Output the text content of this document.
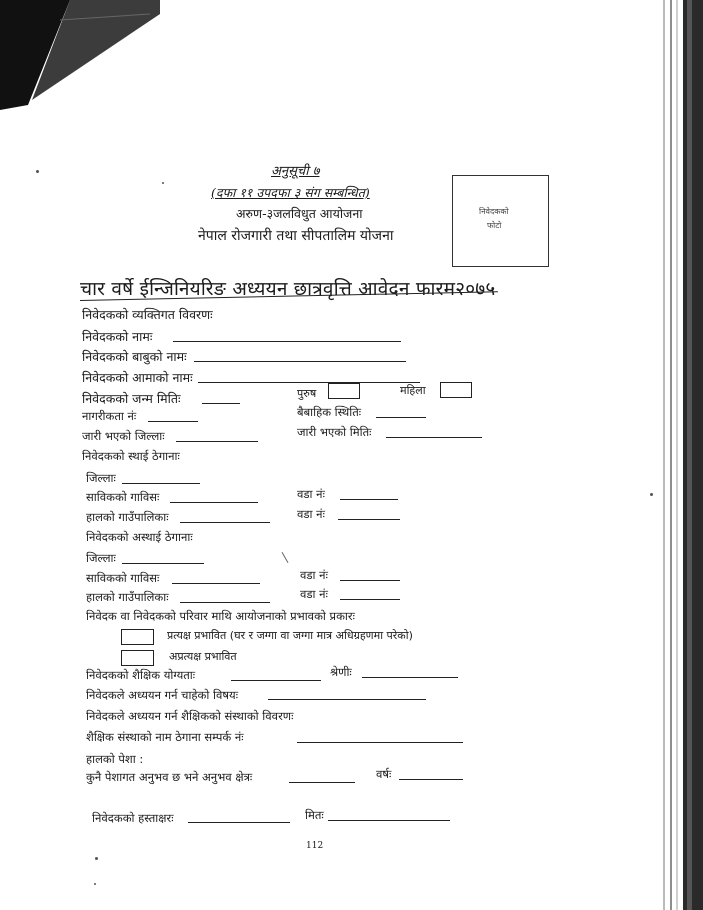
अनुसूची ७
(दफा ११ उपदफा ३ संग सम्बन्धित)
अरुण-३जलविधुत आयोजना
नेपाल रोजगारी तथा सीपतालिम योजना
निवेदकको
फोटो
चार वर्षे ईन्जिनियरिङ अध्ययन छात्रवृत्ति आवेदन फारम२०७५
निवेदकको व्यक्तिगत विवरणः
निवेदकको नामः
निवेदकको बाबुको नामः
निवेदकको आमाको नामः
निवेदकको जन्म मितिः	पुरुष	महिला
नागरीकता नंः	बैबाहिक स्थितिः
जारी भएको जिल्लाः	जारी भएको मितिः
निवेदकको स्थाई ठेगानाः
जिल्लाः
साविकको गाविसः	वडा नंः
हालको गाउँपालिकाः	वडा नंः
निवेदकको अस्थाई ठेगानाः
जिल्लाः
साविकको गाविसः	वडा नंः
हालको गाउँपालिकाः	वडा नंः
निवेदक वा निवेदकको परिवार माथि आयोजनाको प्रभावको प्रकारः
प्रत्यक्ष प्रभावित (घर र जग्गा वा जग्गा मात्र अधिग्रहणमा परेको)
अप्रत्यक्ष प्रभावित
निवेदकको शैक्षिक योग्यताः	श्रेणीः
निवेदकले अध्ययन गर्न चाहेको विषयः
निवेदकले अध्ययन गर्न शैक्षिकको संस्थाको विवरणः
शैक्षिक संस्थाको नाम ठेगाना सम्पर्क नंः
हालको पेशा :
कुनै पेशागत अनुभव छ भने अनुभव क्षेत्रः	वर्षः
निवेदकको हस्ताक्षरः	मितः
112
